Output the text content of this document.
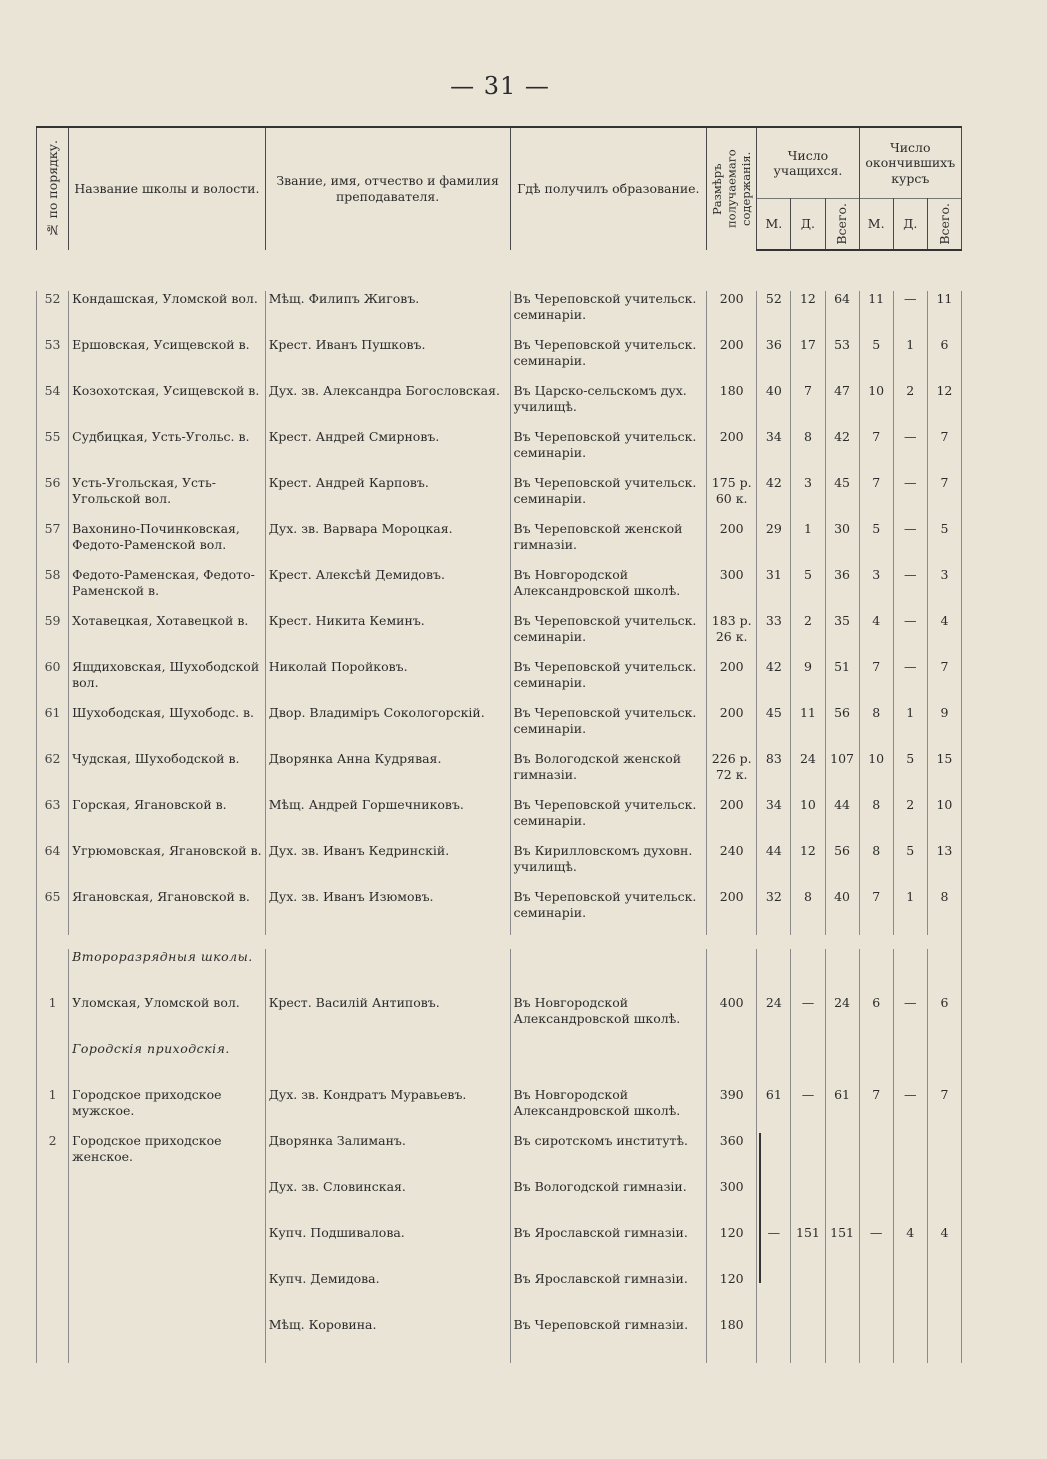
— 31 —
№ по порядку.	Название школы и волости.	Звание, имя, отчество и фамилия преподавателя.	Гдѣ получилъ образование.	Размѣръ получаемаго содержанія.	Число учащихся.			Число окончившихъ курсъ		
					М.	Д.	Всего.	М.	Д.	Всего.

52	Кондашская, Уломской вол.	Мѣщ. Филипъ Жиговъ.	Въ Череповской учительск. семинаріи.	200	52	12	64	11	—	11
53	Ершовская, Усищевской в.	Крест. Иванъ Пушковъ.	Въ Череповской учительск. семинаріи.	200	36	17	53	5	1	6
54	Козохотская, Усищевской в.	Дух. зв. Александра Богословская.	Въ Царско-сельскомъ дух. училищѣ.	180	40	7	47	10	2	12
55	Судбицкая, Усть-Угольс. в.	Крест. Андрей Смирновъ.	Въ Череповской учительск. семинаріи.	200	34	8	42	7	—	7
56	Усть-Угольская, Усть-Угольской вол.	Крест. Андрей Карповъ.	Въ Череповской учительск. семинаріи.	175 р. 60 к.	42	3	45	7	—	7
57	Вахонино-Починковская, Федото-Раменской вол.	Дух. зв. Варвара Мороцкая.	Въ Череповской женской гимназіи.	200	29	1	30	5	—	5
58	Федото-Раменская, Федото-Раменской в.	Крест. Алексѣй Демидовъ.	Въ Новгородской Александровской школѣ.	300	31	5	36	3	—	3
59	Хотавецкая, Хотавецкой в.	Крест. Никита Кеминъ.	Въ Череповской учительск. семинаріи.	183 р. 26 к.	33	2	35	4	—	4
60	Ящдиховская, Шухободской вол.	Николай Поройковъ.	Въ Череповской учительск. семинаріи.	200	42	9	51	7	—	7
61	Шухободская, Шухободс. в.	Двор. Владиміръ Сокологорскій.	Въ Череповской учительск. семинаріи.	200	45	11	56	8	1	9
62	Чудская, Шухободской в.	Дворянка Анна Кудрявая.	Въ Вологодской женской гимназіи.	226 р. 72 к.	83	24	107	10	5	15
63	Горская, Ягановской в.	Мѣщ. Андрей Горшечниковъ.	Въ Череповской учительск. семинаріи.	200	34	10	44	8	2	10
64	Угрюмовская, Ягановской в.	Дух. зв. Иванъ Кедринскій.	Въ Кирилловскомъ духовн. училищѣ.	240	44	12	56	8	5	13
65	Ягановская, Ягановской в.	Дух. зв. Иванъ Изюмовъ.	Въ Череповской учительск. семинаріи.	200	32	8	40	7	1	8

	Второразрядныя школы.									
1	Уломская, Уломской вол.	Крест. Василій Антиповъ.	Въ Новгородской Александровской школѣ.	400	24	—	24	6	—	6
	Городскія приходскія.									
1	Городское приходское мужское.	Дух. зв. Кондратъ Муравьевъ.	Въ Новгородской Александровской школѣ.	390	61	—	61	7	—	7
2	Городское приходское женское.	Дворянка Залиманъ.	Въ сиротскомъ институтѣ.	360	

		Дух. зв. Словинская.	Въ Вологодской гимназіи.	300						
		Купч. Подшивалова.	Въ Ярославской гимназіи.	120	—	151	151	—	4	4
		Купч. Демидова.	Въ Ярославской гимназіи.	120						
		Мѣщ. Коровина.	Въ Череповской гимназіи.	180						
